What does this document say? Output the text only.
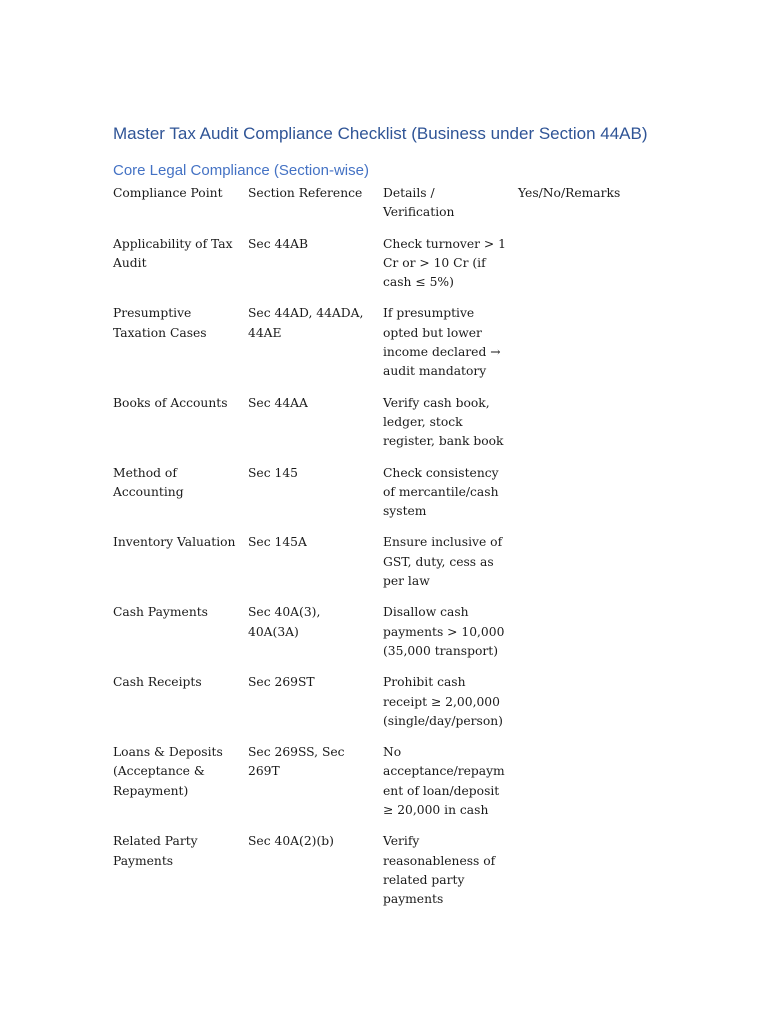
Master Tax Audit Compliance Checklist (Business under Section 44AB)
Core Legal Compliance (Section-wise)
Compliance Point	Section Reference	Details / Verification	Yes/No/Remarks

Applicability of Tax Audit	Sec 44AB	Check turnover > 1 Cr or > 10 Cr (if cash ≤ 5%)	

Presumptive Taxation Cases	Sec 44AD, 44ADA, 44AE	If presumptive opted but lower income declared → audit mandatory	

Books of Accounts	Sec 44AA	Verify cash book, ledger, stock register, bank book	

Method of Accounting	Sec 145	Check consistency of mercantile/cash system	

Inventory Valuation	Sec 145A	Ensure inclusive of GST, duty, cess as per law	

Cash Payments	Sec 40A(3), 40A(3A)	Disallow cash payments > 10,000 (35,000 transport)	

Cash Receipts	Sec 269ST	Prohibit cash receipt ≥ 2,00,000 (single/day/person)	

Loans & Deposits (Acceptance & Repayment)	Sec 269SS, Sec 269T	No acceptance/repayment of loan/deposit ≥ 20,000 in cash	

Related Party Payments	Sec 40A(2)(b)	Verify reasonableness of related party payments	
